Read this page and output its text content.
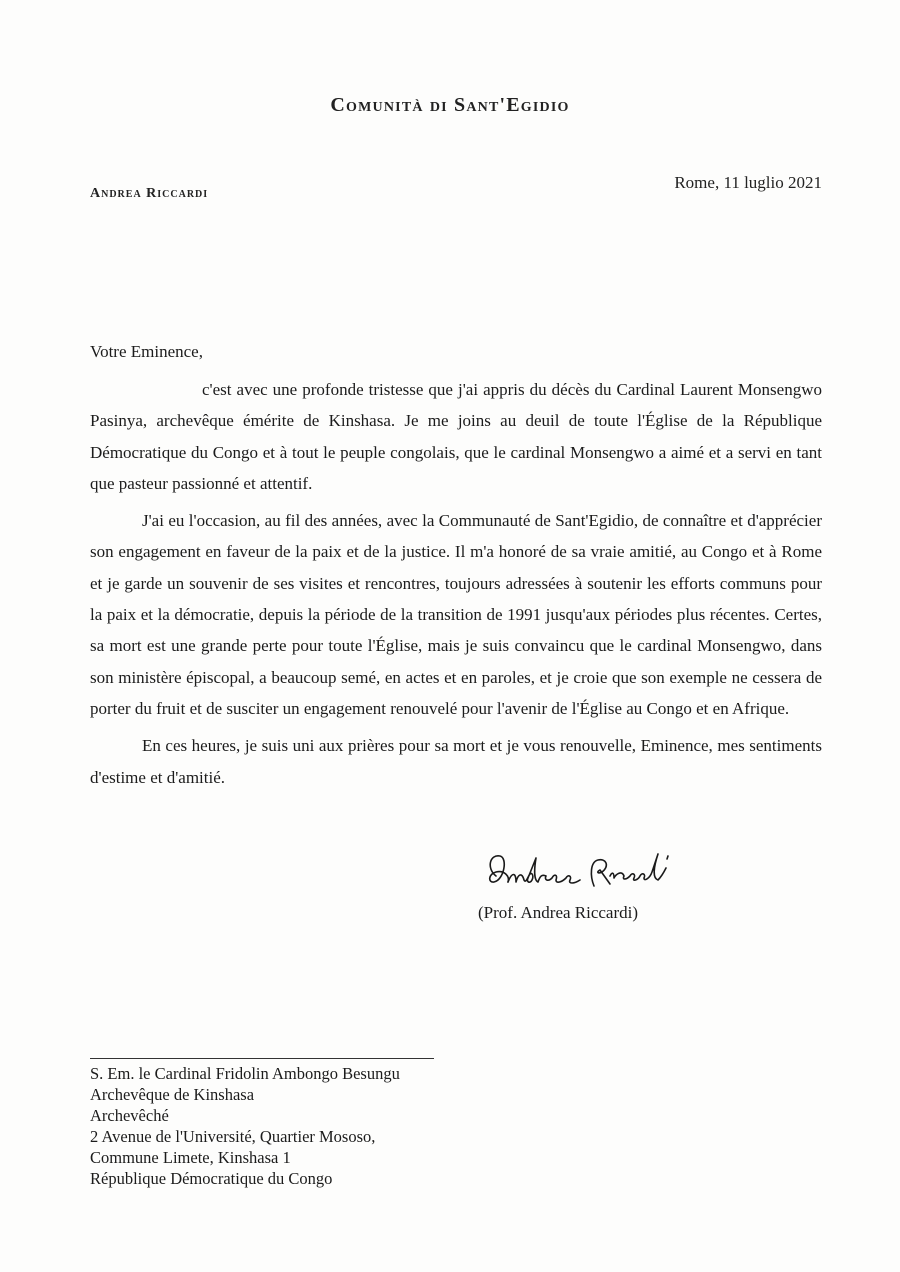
Comunità di Sant'Egidio
Andrea Riccardi
Rome, 11 luglio 2021
Votre Eminence,

c'est avec une profonde tristesse que j'ai appris du décès du Cardinal Laurent Monsengwo Pasinya, archevêque émérite de Kinshasa. Je me joins au deuil de toute l'Église de la République Démocratique du Congo et à tout le peuple congolais, que le cardinal Monsengwo a aimé et a servi en tant que pasteur passionné et attentif.

J'ai eu l'occasion, au fil des années, avec la Communauté de Sant'Egidio, de connaître et d'apprécier son engagement en faveur de la paix et de la justice. Il m'a honoré de sa vraie amitié, au Congo et à Rome et je garde un souvenir de ses visites et rencontres, toujours adressées à soutenir les efforts communs pour la paix et la démocratie, depuis la période de la transition de 1991 jusqu'aux périodes plus récentes. Certes, sa mort est une grande perte pour toute l'Église, mais je suis convaincu que le cardinal Monsengwo, dans son ministère épiscopal, a beaucoup semé, en actes et en paroles, et je croie que son exemple ne cessera de porter du fruit et de susciter un engagement renouvelé pour l'avenir de l'Église au Congo et en Afrique.

En ces heures, je suis uni aux prières pour sa mort et je vous renouvelle, Eminence, mes sentiments d'estime et d'amitié.

(Prof. Andrea Riccardi)
S. Em. le Cardinal Fridolin Ambongo Besungu
Archevêque de Kinshasa
Archevêché
2 Avenue de l'Université, Quartier Mososo,
Commune Limete, Kinshasa 1
République Démocratique du Congo
